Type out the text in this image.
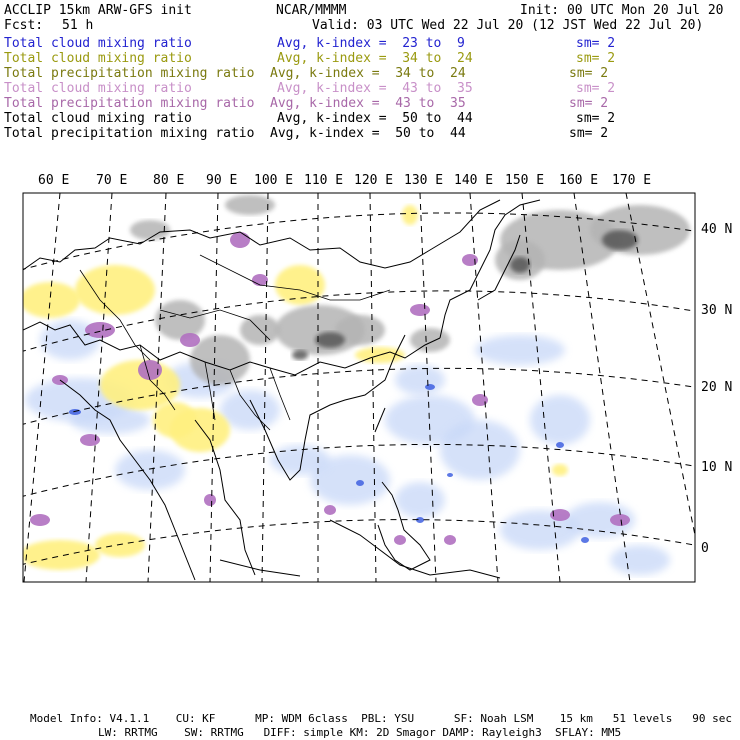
ACCLIP 15km ARW-GFS init	NCAR/MMMM	Init: 00 UTC Mon 20 Jul 20
Fcst: 51 h	Valid: 03 UTC Wed 22 Jul 20 (12 JST Wed 22 Jul 20)
Total cloud mixing ratio	Avg, k-index =  23 to  9	sm= 2
Total cloud mixing ratio	Avg, k-index =  34 to  24	sm= 2
Total precipitation mixing ratio Avg, k-index =  34 to  24	sm= 2
Total cloud mixing ratio	Avg, k-index =  43 to  35	sm= 2
Total precipitation mixing ratio Avg, k-index =  43 to  35	sm= 2
Total cloud mixing ratio	Avg, k-index =  50 to  44	sm= 2
Total precipitation mixing ratio Avg, k-index =  50 to  44	sm= 2
60 E 70 E 80 E 90 E 100 E 110 E 120 E 130 E 140 E 150 E 160 E 170 E
40 N
30 N
20 N
10 N
0
Model Info: V4.1.1    CU: KF      MP: WDM 6class  PBL: YSU      SF: Noah LSM    15 km   51 levels   90 sec
LW: RRTMG    SW: RRTMG   DIFF: simple KM: 2D Smagor DAMP: Rayleigh3  SFLAY: MM5
